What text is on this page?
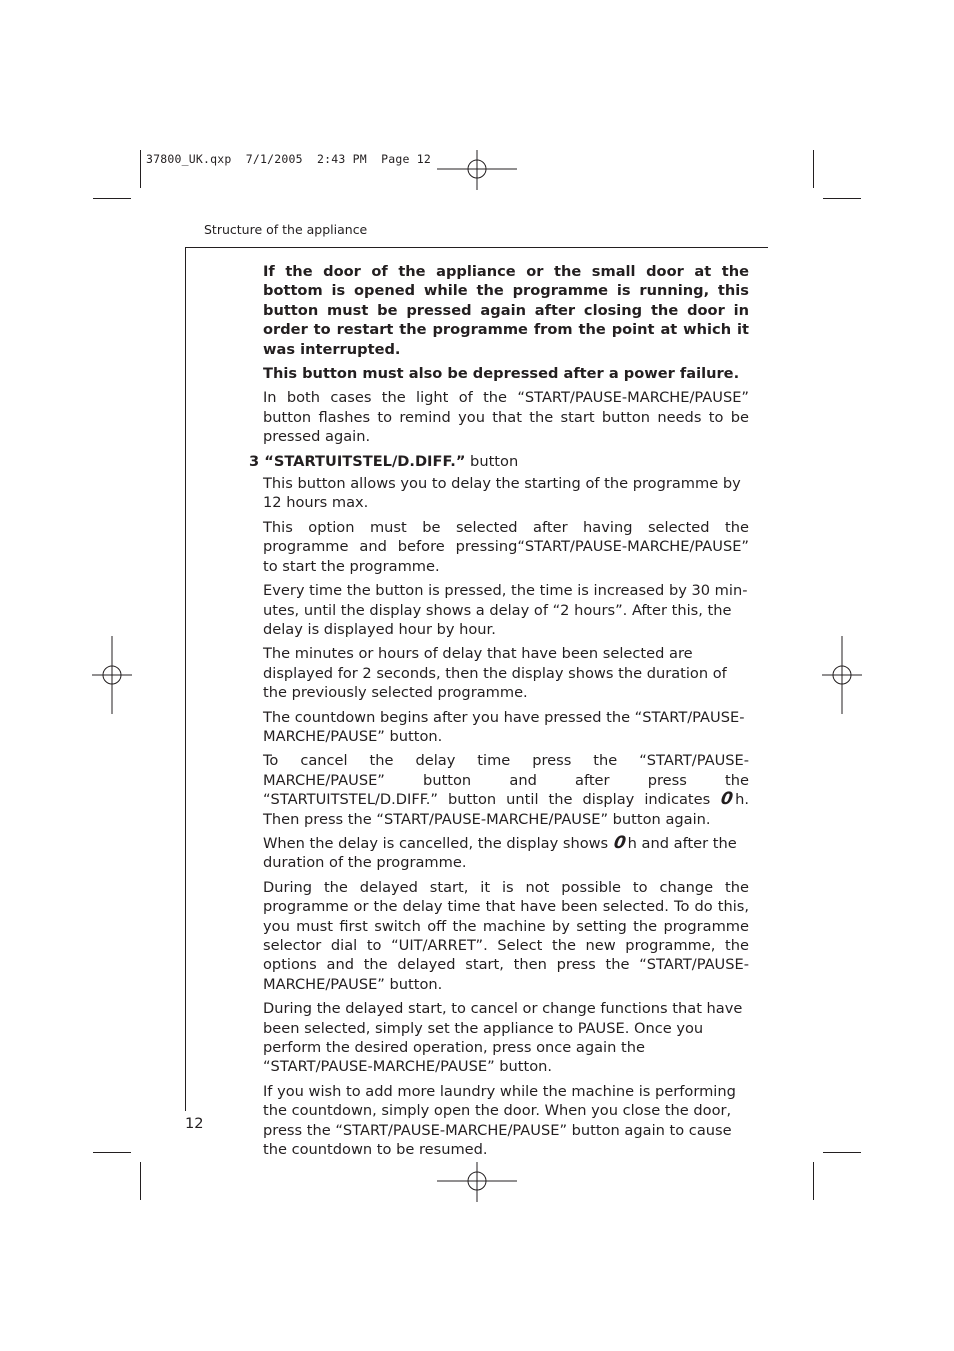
37800_UK.qxp  7/1/2005  2:43 PM  Page 12
Structure of the appliance

If the door of the appliance or the small door at the bottom is opened while the programme is running, this button must be pressed again after closing the door in order to restart the programme from the point at which it was interrupted.

This button must also be depressed after a power failure.

In both cases the light of the “START/PAUSE-MARCHE/PAUSE” button flashes to remind you that the start button needs to be pressed again.

3 “STARTUITSTEL/D.DIFF.” button

This button allows you to delay the starting of the programme by 12 hours max.

This option must be selected after having selected the programme and before pressing“START/PAUSE-MARCHE/PAUSE” to start the programme.

Every time the button is pressed, the time is increased by 30 minutes, until the display shows a delay of “2 hours”. After this, the delay is displayed hour by hour.

The minutes or hours of delay that have been selected are displayed for 2 seconds, then the display shows the duration of the previously selected programme.

The countdown begins after you have pressed the “START/PAUSE-MARCHE/PAUSE” button.

To cancel the delay time press the “START/PAUSE-MARCHE/PAUSE” button and after press the “STARTUITSTEL/D.DIFF.” button until the display indicates 0h. Then press the “START/PAUSE-MARCHE/PAUSE” button again.

When the delay is cancelled, the display shows 0h and after the duration of the programme.

During the delayed start, it is not possible to change the programme or the delay time that have been selected. To do this, you must first switch off the machine by setting the programme selector dial to “UIT/ARRET”. Select the new programme, the options and the delayed start, then press the “START/PAUSE-MARCHE/PAUSE” button.

During the delayed start, to cancel or change functions that have been selected, simply set the appliance to PAUSE. Once you perform the desired operation, press once again the “START/PAUSE-MARCHE/PAUSE” button.

If you wish to add more laundry while the machine is performing the countdown, simply open the door. When you close the door, press the “START/PAUSE-MARCHE/PAUSE” button again to cause the countdown to be resumed.

12
